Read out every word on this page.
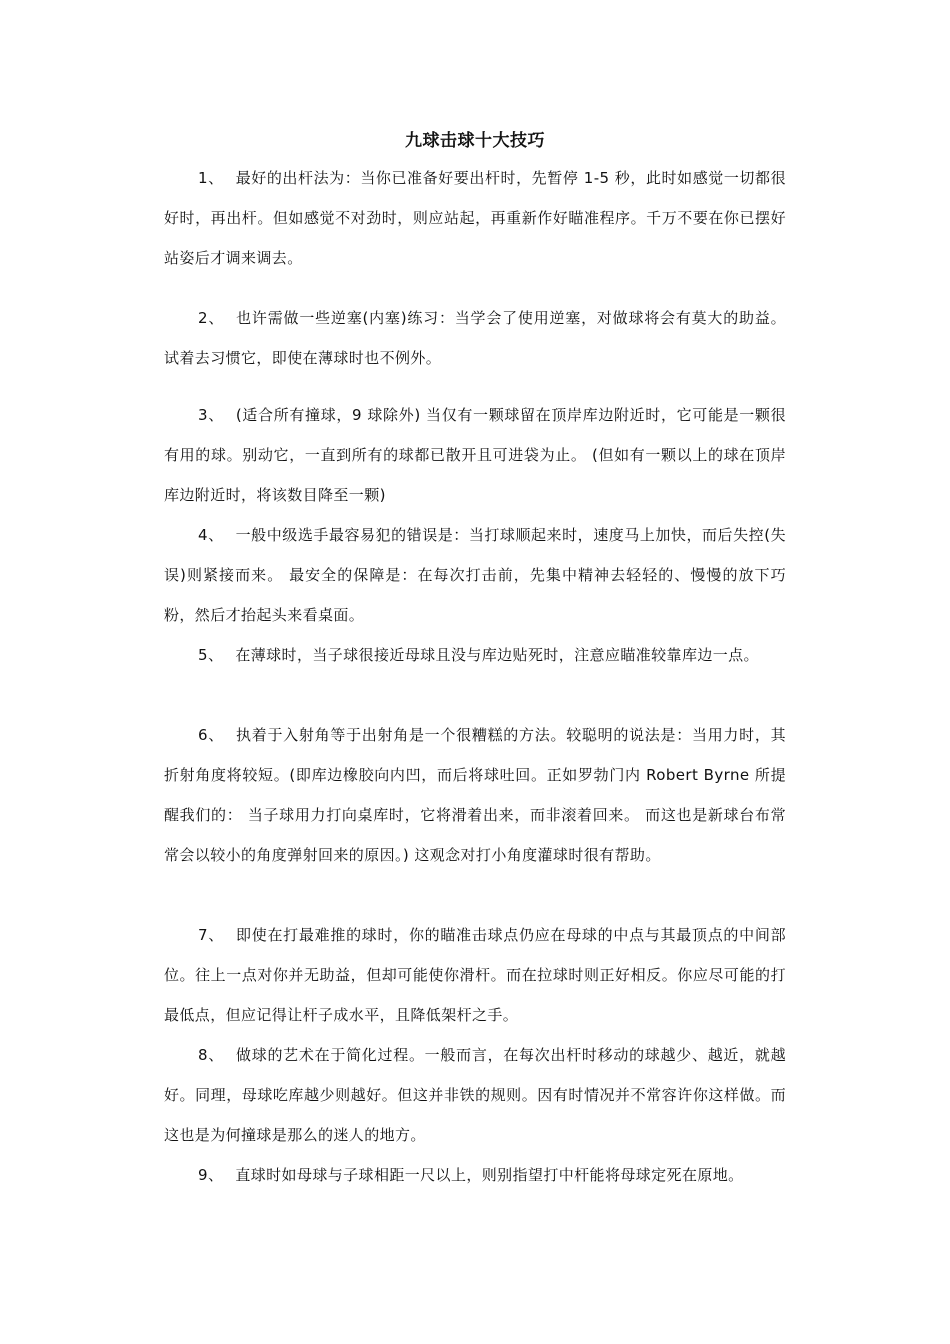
九球击球十大技巧

1、 最好的出杆法为：当你已准备好要出杆时，先暂停 1-5 秒，此时如感觉一切都很好时，再出杆。但如感觉不对劲时，则应站起，再重新作好瞄准程序。千万不要在你已摆好站姿后才调来调去。

2、 也许需做一些逆塞(内塞)练习：当学会了使用逆塞，对做球将会有莫大的助益。试着去习惯它，即使在薄球时也不例外。

3、 (适合所有撞球，9 球除外) 当仅有一颗球留在顶岸库边附近时，它可能是一颗很有用的球。别动它，一直到所有的球都已散开且可进袋为止。 (但如有一颗以上的球在顶岸库边附近时，将该数目降至一颗)

4、 一般中级选手最容易犯的错误是：当打球顺起来时，速度马上加快，而后失控(失误)则紧接而来。 最安全的保障是：在每次打击前，先集中精神去轻轻的、慢慢的放下巧粉，然后才抬起头来看桌面。

5、 在薄球时，当子球很接近母球且没与库边贴死时，注意应瞄准较靠库边一点。

6、 执着于入射角等于出射角是一个很糟糕的方法。较聪明的说法是：当用力时，其折射角度将较短。(即库边橡胶向内凹，而后将球吐回。正如罗勃门内 Robert Byrne 所提醒我们的： 当子球用力打向桌库时，它将滑着出来，而非滚着回来。 而这也是新球台布常常会以较小的角度弹射回来的原因。) 这观念对打小角度灌球时很有帮助。

7、 即使在打最难推的球时，你的瞄准击球点仍应在母球的中点与其最顶点的中间部位。往上一点对你并无助益，但却可能使你滑杆。而在拉球时则正好相反。你应尽可能的打最低点，但应记得让杆子成水平，且降低架杆之手。

8、 做球的艺术在于简化过程。一般而言，在每次出杆时移动的球越少、越近，就越好。同理，母球吃库越少则越好。但这并非铁的规则。因有时情况并不常容许你这样做。而这也是为何撞球是那么的迷人的地方。

9、 直球时如母球与子球相距一尺以上，则别指望打中杆能将母球定死在原地。
